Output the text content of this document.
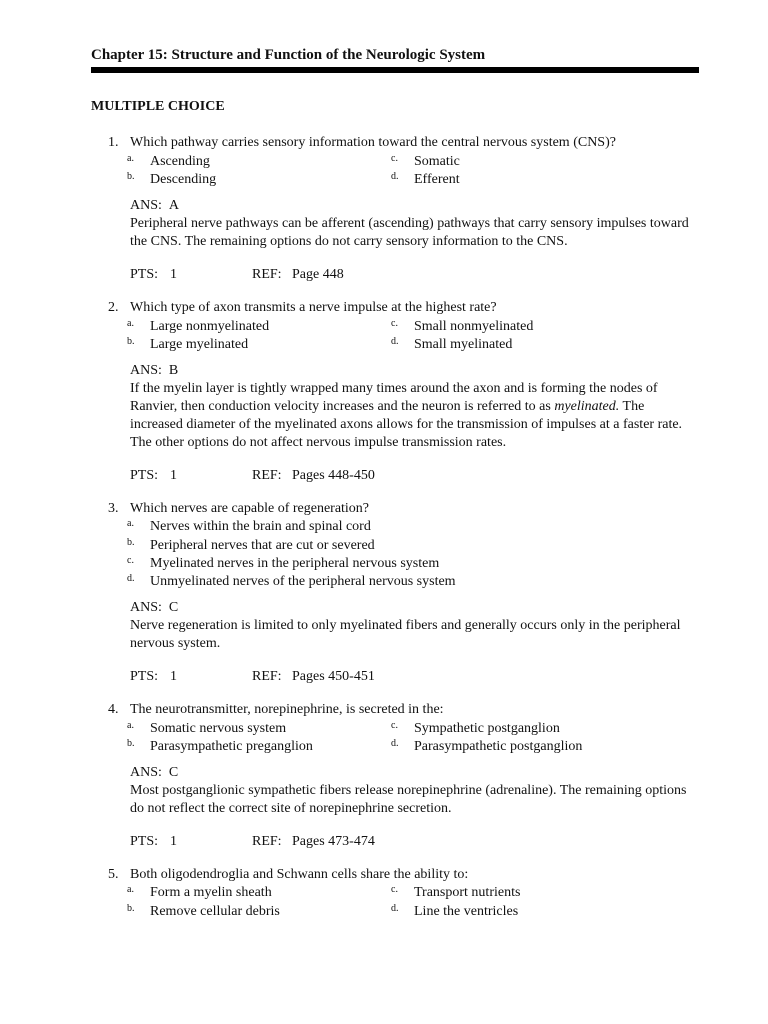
Chapter 15: Structure and Function of the Neurologic System
MULTIPLE CHOICE
1. Which pathway carries sensory information toward the central nervous system (CNS)?
a. Ascending
b. Descending
c. Somatic
d. Efferent

ANS: A

Peripheral nerve pathways can be afferent (ascending) pathways that carry sensory impulses toward the CNS. The remaining options do not carry sensory information to the CNS.

PTS: 1	REF: Page 448
2. Which type of axon transmits a nerve impulse at the highest rate?
a. Large nonmyelinated
b. Large myelinated
c. Small nonmyelinated
d. Small myelinated

ANS: B

If the myelin layer is tightly wrapped many times around the axon and is forming the nodes of Ranvier, then conduction velocity increases and the neuron is referred to as myelinated. The increased diameter of the myelinated axons allows for the transmission of impulses at a faster rate. The other options do not affect nervous impulse transmission rates.

PTS: 1	REF: Pages 448-450
3. Which nerves are capable of regeneration?
a. Nerves within the brain and spinal cord
b. Peripheral nerves that are cut or severed
c. Myelinated nerves in the peripheral nervous system
d. Unmyelinated nerves of the peripheral nervous system

ANS: C

Nerve regeneration is limited to only myelinated fibers and generally occurs only in the peripheral nervous system.

PTS: 1	REF: Pages 450-451
4. The neurotransmitter, norepinephrine, is secreted in the:
a. Somatic nervous system
b. Parasympathetic preganglion
c. Sympathetic postganglion
d. Parasympathetic postganglion

ANS: C

Most postganglionic sympathetic fibers release norepinephrine (adrenaline). The remaining options do not reflect the correct site of norepinephrine secretion.

PTS: 1	REF: Pages 473-474
5. Both oligodendroglia and Schwann cells share the ability to:
a. Form a myelin sheath
b. Remove cellular debris
c. Transport nutrients
d. Line the ventricles
